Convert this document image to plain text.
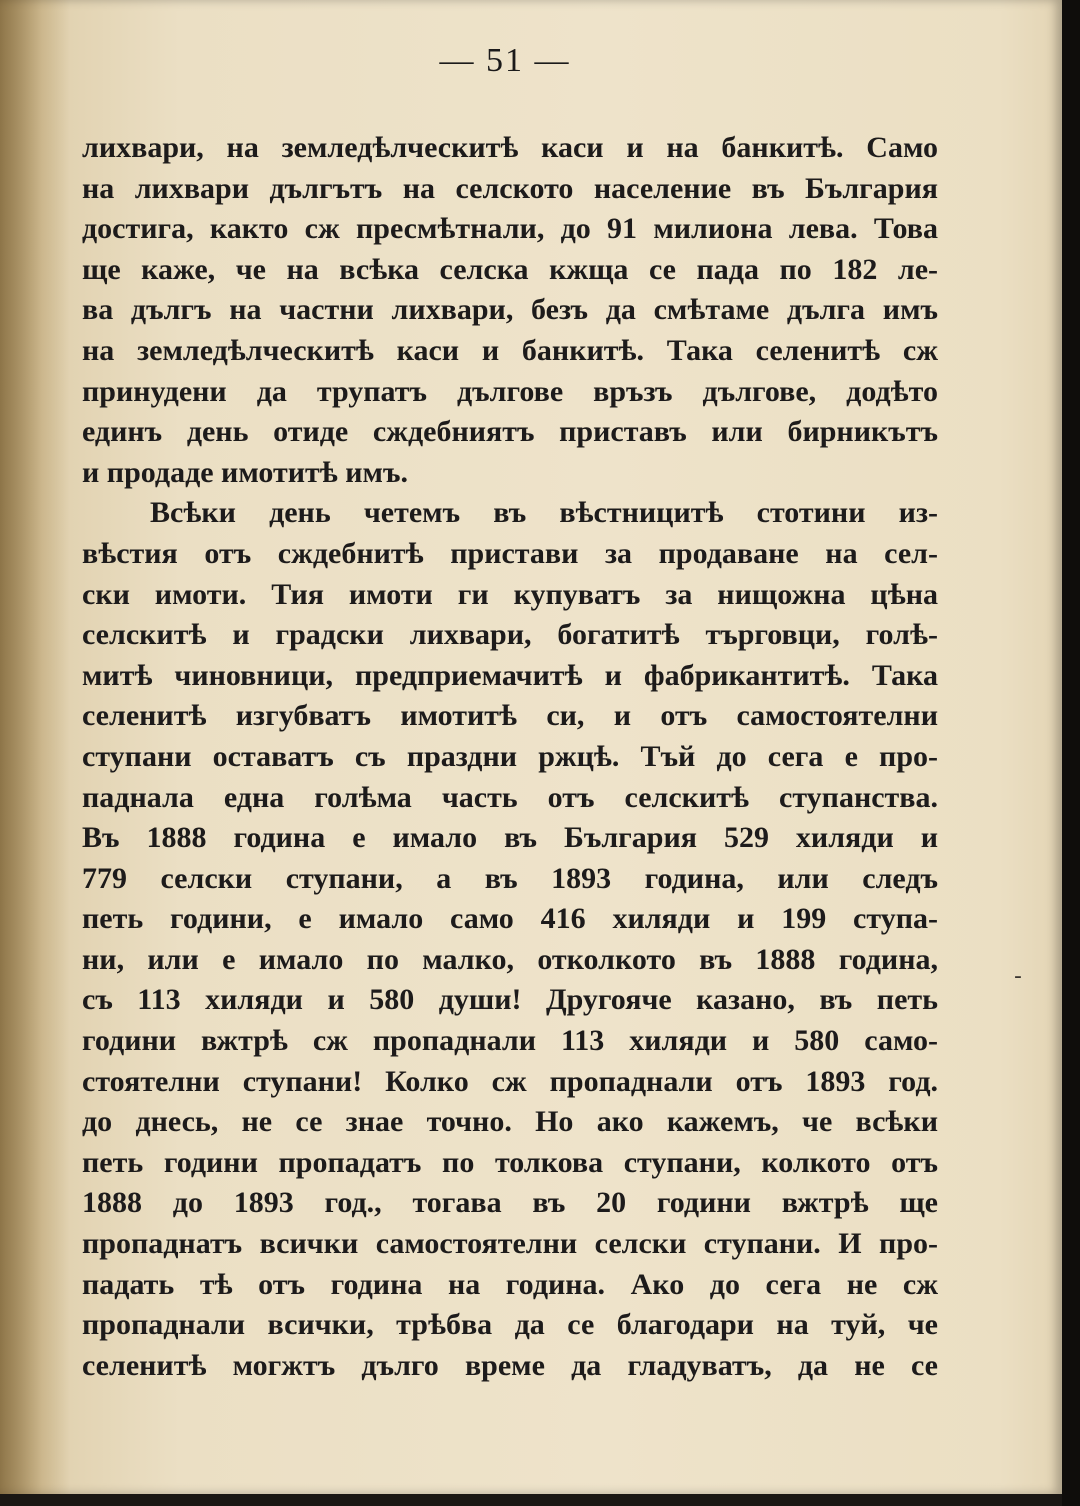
— 51 —
лихвари, на земледѣлческитѣ каси и на банкитѣ. Само
на лихвари дългътъ на селското население въ България
достига, както сж пресмѣтнали, до 91 милиона лева. Това
ще каже, че на всѣка селска кжща се пада по 182 ле-
ва дългъ на частни лихвари, безъ да смѣтаме дълга имъ
на земледѣлческитѣ каси и банкитѣ. Така селенитѣ сж
принудени да трупатъ дългове връзъ дългове, додѣто
единъ день отиде сждебниятъ приставъ или бирникътъ
и продаде имотитѣ имъ.
Всѣки день четемъ въ вѣстницитѣ стотини из-
вѣстия отъ сждебнитѣ пристави за продаване на сел-
ски имоти. Тия имоти ги купуватъ за нищожна цѣна
селскитѣ и градски лихвари, богатитѣ търговци, голѣ-
митѣ чиновници, предприемачитѣ и фабрикантитѣ. Така
селенитѣ изгубватъ имотитѣ си, и отъ самостоятелни
ступани оставатъ съ праздни ржцѣ. Тъй до сега е про-
паднала една голѣма часть отъ селскитѣ ступанства.
Въ 1888 година е имало въ България 529 хиляди и
779 селски ступани, а въ 1893 година, или следъ
петь години, е имало само 416 хиляди и 199 ступа-
ни, или е имало по малко, отколкото въ 1888 година,
съ 113 хиляди и 580 души! Другояче казано, въ петь
години вжтрѣ сж пропаднали 113 хиляди и 580 само-
стоятелни ступани! Колко сж пропаднали отъ 1893 год.
до днесь, не се знае точно. Но ако кажемъ, че всѣки
петь години пропадатъ по толкова ступани, колкото отъ
1888 до 1893 год., тогава въ 20 години вжтрѣ ще
пропаднатъ всички самостоятелни селски ступани. И про-
падать тѣ отъ година на година. Ако до сега не сж
пропаднали всички, трѣбва да се благодари на туй, че
селенитѣ могжтъ дълго време да гладуватъ, да не се
-
